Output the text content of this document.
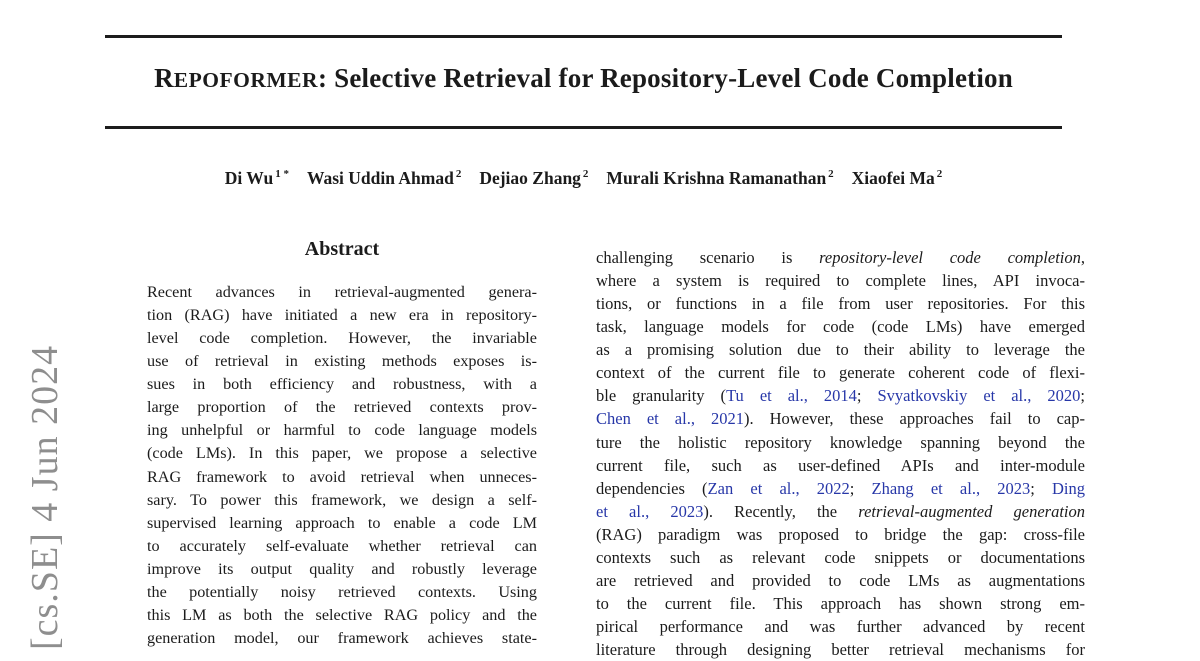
[cs.SE] 4 Jun 2024
REPOFORMER: Selective Retrieval for Repository-Level Code Completion
Di Wu $^{1 *}$ Wasi Uddin Ahmad $^2$ Dejiao Zhang $^2$ Murali Krishna Ramanathan $^2$ Xiaofei Ma $^2$
Abstract
Recent advances in retrieval-augmented genera-
tion (RAG) have initiated a new era in repository-
level code completion. However, the invariable
use of retrieval in existing methods exposes is-
sues in both efficiency and robustness, with a
large proportion of the retrieved contexts prov-
ing unhelpful or harmful to code language models
(code LMs). In this paper, we propose a selective
RAG framework to avoid retrieval when unneces-
sary. To power this framework, we design a self-
supervised learning approach to enable a code LM
to accurately self-evaluate whether retrieval can
improve its output quality and robustly leverage
the potentially noisy retrieved contexts. Using
this LM as both the selective RAG policy and the
generation model, our framework achieves state-
challenging scenario is repository-level code completion,
where a system is required to complete lines, API invoca-
tions, or functions in a file from user repositories. For this
task, language models for code (code LMs) have emerged
as a promising solution due to their ability to leverage the
context of the current file to generate coherent code of flexi-
ble granularity (Tu et al., 2014; Svyatkovskiy et al., 2020;
Chen et al., 2021). However, these approaches fail to cap-
ture the holistic repository knowledge spanning beyond the
current file, such as user-defined APIs and inter-module
dependencies (Zan et al., 2022; Zhang et al., 2023; Ding
et al., 2023). Recently, the retrieval-augmented generation
(RAG) paradigm was proposed to bridge the gap: cross-file
contexts such as relevant code snippets or documentations
are retrieved and provided to code LMs as augmentations
to the current file. This approach has shown strong em-
pirical performance and was further advanced by recent
literature through designing better retrieval mechanisms for
